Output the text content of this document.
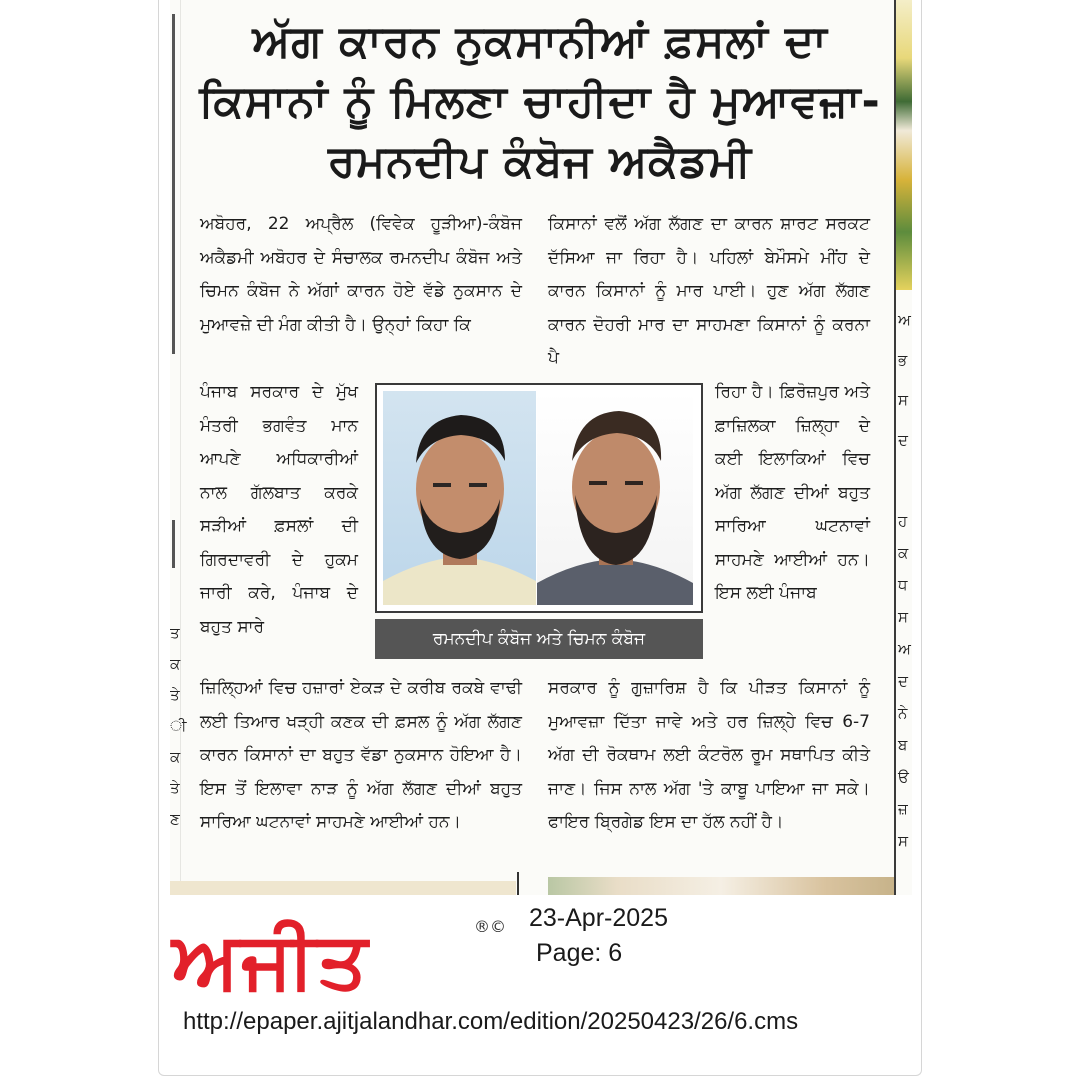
ਤ
ਕ
ਤੇ
ੀ
ਕ
ਤੇ
ਣ
ਅ
ਭ
ਸ
ਦ
ਹ
ਕ
ਧ
ਸ
ਅ
ਦ
ਨੇ
ਬ
ੳ
ਜ਼
ਸ
ਅੱਗ ਕਾਰਨ ਨੁਕਸਾਨੀਆਂ ਫ਼ਸਲਾਂ ਦਾ ਕਿਸਾਨਾਂ ਨੂੰ ਮਿਲਣਾ ਚਾਹੀਦਾ ਹੈ ਮੁਆਵਜ਼ਾ-ਰਮਨਦੀਪ ਕੰਬੋਜ ਅਕੈਡਮੀ

ਅਬੋਹਰ, 22 ਅਪ੍ਰੈਲ (ਵਿਵੇਕ ਹੂੜੀਆ)-ਕੰਬੋਜ ਅਕੈਡਮੀ ਅਬੋਹਰ ਦੇ ਸੰਚਾਲਕ ਰਮਨਦੀਪ ਕੰਬੋਜ ਅਤੇ ਚਿਮਨ ਕੰਬੋਜ ਨੇ ਅੱਗਾਂ ਕਾਰਨ ਹੋਏ ਵੱਡੇ ਨੁਕਸਾਨ ਦੇ ਮੁਆਵਜ਼ੇ ਦੀ ਮੰਗ ਕੀਤੀ ਹੈ। ਉਨ੍ਹਾਂ ਕਿਹਾ ਕਿ

ਪੰਜਾਬ ਸਰਕਾਰ ਦੇ ਮੁੱਖ ਮੰਤਰੀ ਭਗਵੰਤ ਮਾਨ ਆਪਣੇ ਅਧਿਕਾਰੀਆਂ ਨਾਲ ਗੱਲਬਾਤ ਕਰਕੇ ਸੜੀਆਂ ਫ਼ਸਲਾਂ ਦੀ ਗਿਰਦਾਵਰੀ ਦੇ ਹੁਕਮ ਜਾਰੀ ਕਰੇ, ਪੰਜਾਬ ਦੇ ਬਹੁਤ ਸਾਰੇ

ਜ਼ਿਲ੍ਹਿਆਂ ਵਿਚ ਹਜ਼ਾਰਾਂ ਏਕੜ ਦੇ ਕਰੀਬ ਰਕਬੇ ਵਾਢੀ ਲਈ ਤਿਆਰ ਖੜ੍ਹੀ ਕਣਕ ਦੀ ਫ਼ਸਲ ਨੂੰ ਅੱਗ ਲੱਗਣ ਕਾਰਨ ਕਿਸਾਨਾਂ ਦਾ ਬਹੁਤ ਵੱਡਾ ਨੁਕਸਾਨ ਹੋਇਆ ਹੈ। ਇਸ ਤੋਂ ਇਲਾਵਾ ਨਾੜ ਨੂੰ ਅੱਗ ਲੱਗਣ ਦੀਆਂ ਬਹੁਤ ਸਾਰਿਆ ਘਟਨਾਵਾਂ ਸਾਹਮਣੇ ਆਈਆਂ ਹਨ।

ਕਿਸਾਨਾਂ ਵਲੋਂ ਅੱਗ ਲੱਗਣ ਦਾ ਕਾਰਨ ਸ਼ਾਰਟ ਸਰਕਟ ਦੱਸਿਆ ਜਾ ਰਿਹਾ ਹੈ। ਪਹਿਲਾਂ ਬੇਮੌਸਮੇ ਮੀਂਹ ਦੇ ਕਾਰਨ ਕਿਸਾਨਾਂ ਨੂੰ ਮਾਰ ਪਾਈ। ਹੁਣ ਅੱਗ ਲੱਗਣ ਕਾਰਨ ਦੋਹਰੀ ਮਾਰ ਦਾ ਸਾਹਮਣਾ ਕਿਸਾਨਾਂ ਨੂੰ ਕਰਨਾ ਪੈ

ਰਿਹਾ ਹੈ। ਫ਼ਿਰੋਜ਼ਪੁਰ ਅਤੇ ਫ਼ਾਜ਼ਿਲਕਾ ਜ਼ਿਲ੍ਹਾ ਦੇ ਕਈ ਇਲਾਕਿਆਂ ਵਿਚ ਅੱਗ ਲੱਗਣ ਦੀਆਂ ਬਹੁਤ ਸਾਰਿਆ ਘਟਨਾਵਾਂ ਸਾਹਮਣੇ ਆਈਆਂ ਹਨ। ਇਸ ਲਈ ਪੰਜਾਬ

ਸਰਕਾਰ ਨੂੰ ਗੁਜ਼ਾਰਿਸ਼ ਹੈ ਕਿ ਪੀੜਤ ਕਿਸਾਨਾਂ ਨੂੰ ਮੁਆਵਜ਼ਾ ਦਿੱਤਾ ਜਾਵੇ ਅਤੇ ਹਰ ਜ਼ਿਲ੍ਹੇ ਵਿਚ 6-7 ਅੱਗ ਦੀ ਰੋਕਥਾਮ ਲਈ ਕੰਟਰੋਲ ਰੂਮ ਸਥਾਪਿਤ ਕੀਤੇ ਜਾਣ। ਜਿਸ ਨਾਲ ਅੱਗ 'ਤੇ ਕਾਬੂ ਪਾਇਆ ਜਾ ਸਕੇ। ਫਾਇਰ ਬ੍ਰਿਗੇਡ ਇਸ ਦਾ ਹੱਲ ਨਹੀਂ ਹੈ।

ਰਮਨਦੀਪ ਕੰਬੋਜ ਅਤੇ ਚਿਮਨ ਕੰਬੋਜ
ਅਜੀਤ	®© 23-Apr-2025
Page: 6
http://epaper.ajitjalandhar.com/edition/20250423/26/6.cms
